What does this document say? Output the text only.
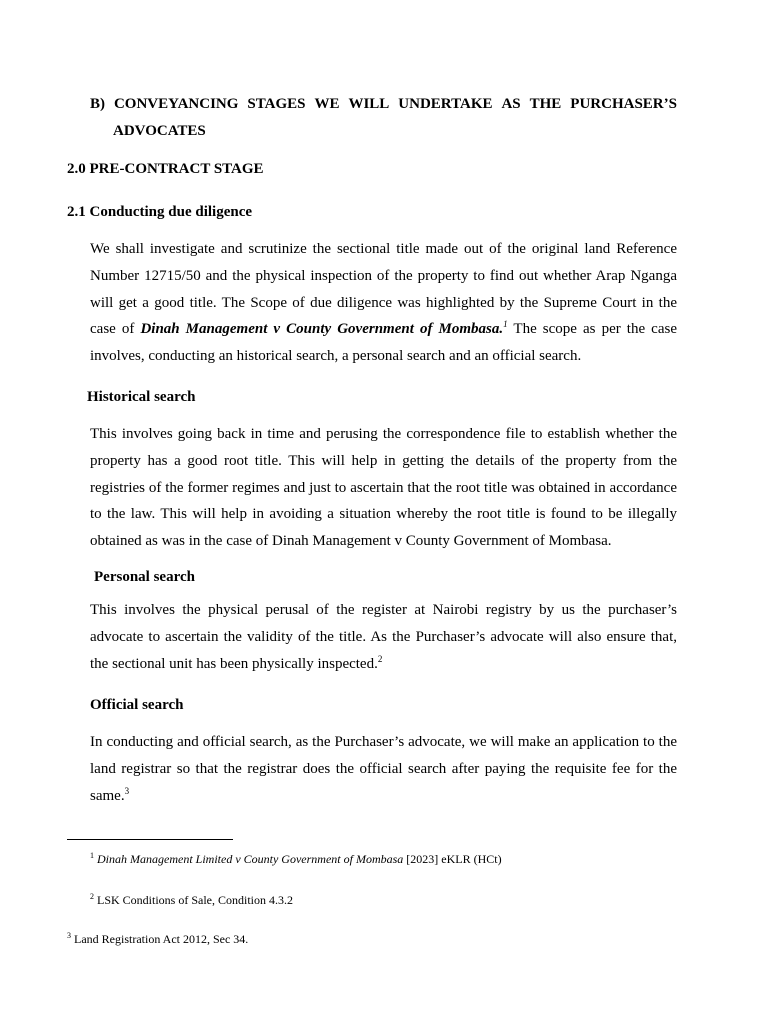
B) CONVEYANCING STAGES WE WILL UNDERTAKE AS THE PURCHASER’S
ADVOCATES
2.0 PRE-CONTRACT STAGE
2.1 Conducting due diligence
We shall investigate and scrutinize the sectional title made out of the original land Reference Number 12715/50 and the physical inspection of the property to find out whether Arap Nganga will get a good title. The Scope of due diligence was highlighted by the Supreme Court in the case of Dinah Management v County Government of Mombasa.$^1$ The scope as per the case involves, conducting an historical search, a personal search and an official search.
Historical search
This involves going back in time and perusing the correspondence file to establish whether the property has a good root title. This will help in getting the details of the property from the registries of the former regimes and just to ascertain that the root title was obtained in accordance to the law. This will help in avoiding a situation whereby the root title is found to be illegally obtained as was in the case of Dinah Management v County Government of Mombasa.
Personal search
This involves the physical perusal of the register at Nairobi registry by us the purchaser’s advocate to ascertain the validity of the title. As the Purchaser’s advocate will also ensure that, the sectional unit has been physically inspected.$^2$
Official search
In conducting and official search, as the Purchaser’s advocate, we will make an application to the land registrar so that the registrar does the official search after paying the requisite fee for the same.$^3$
$^1$ Dinah Management Limited v County Government of Mombasa [2023] eKLR (HCt)
$^2$ LSK Conditions of Sale, Condition 4.3.2
$^3$ Land Registration Act 2012, Sec 34.
